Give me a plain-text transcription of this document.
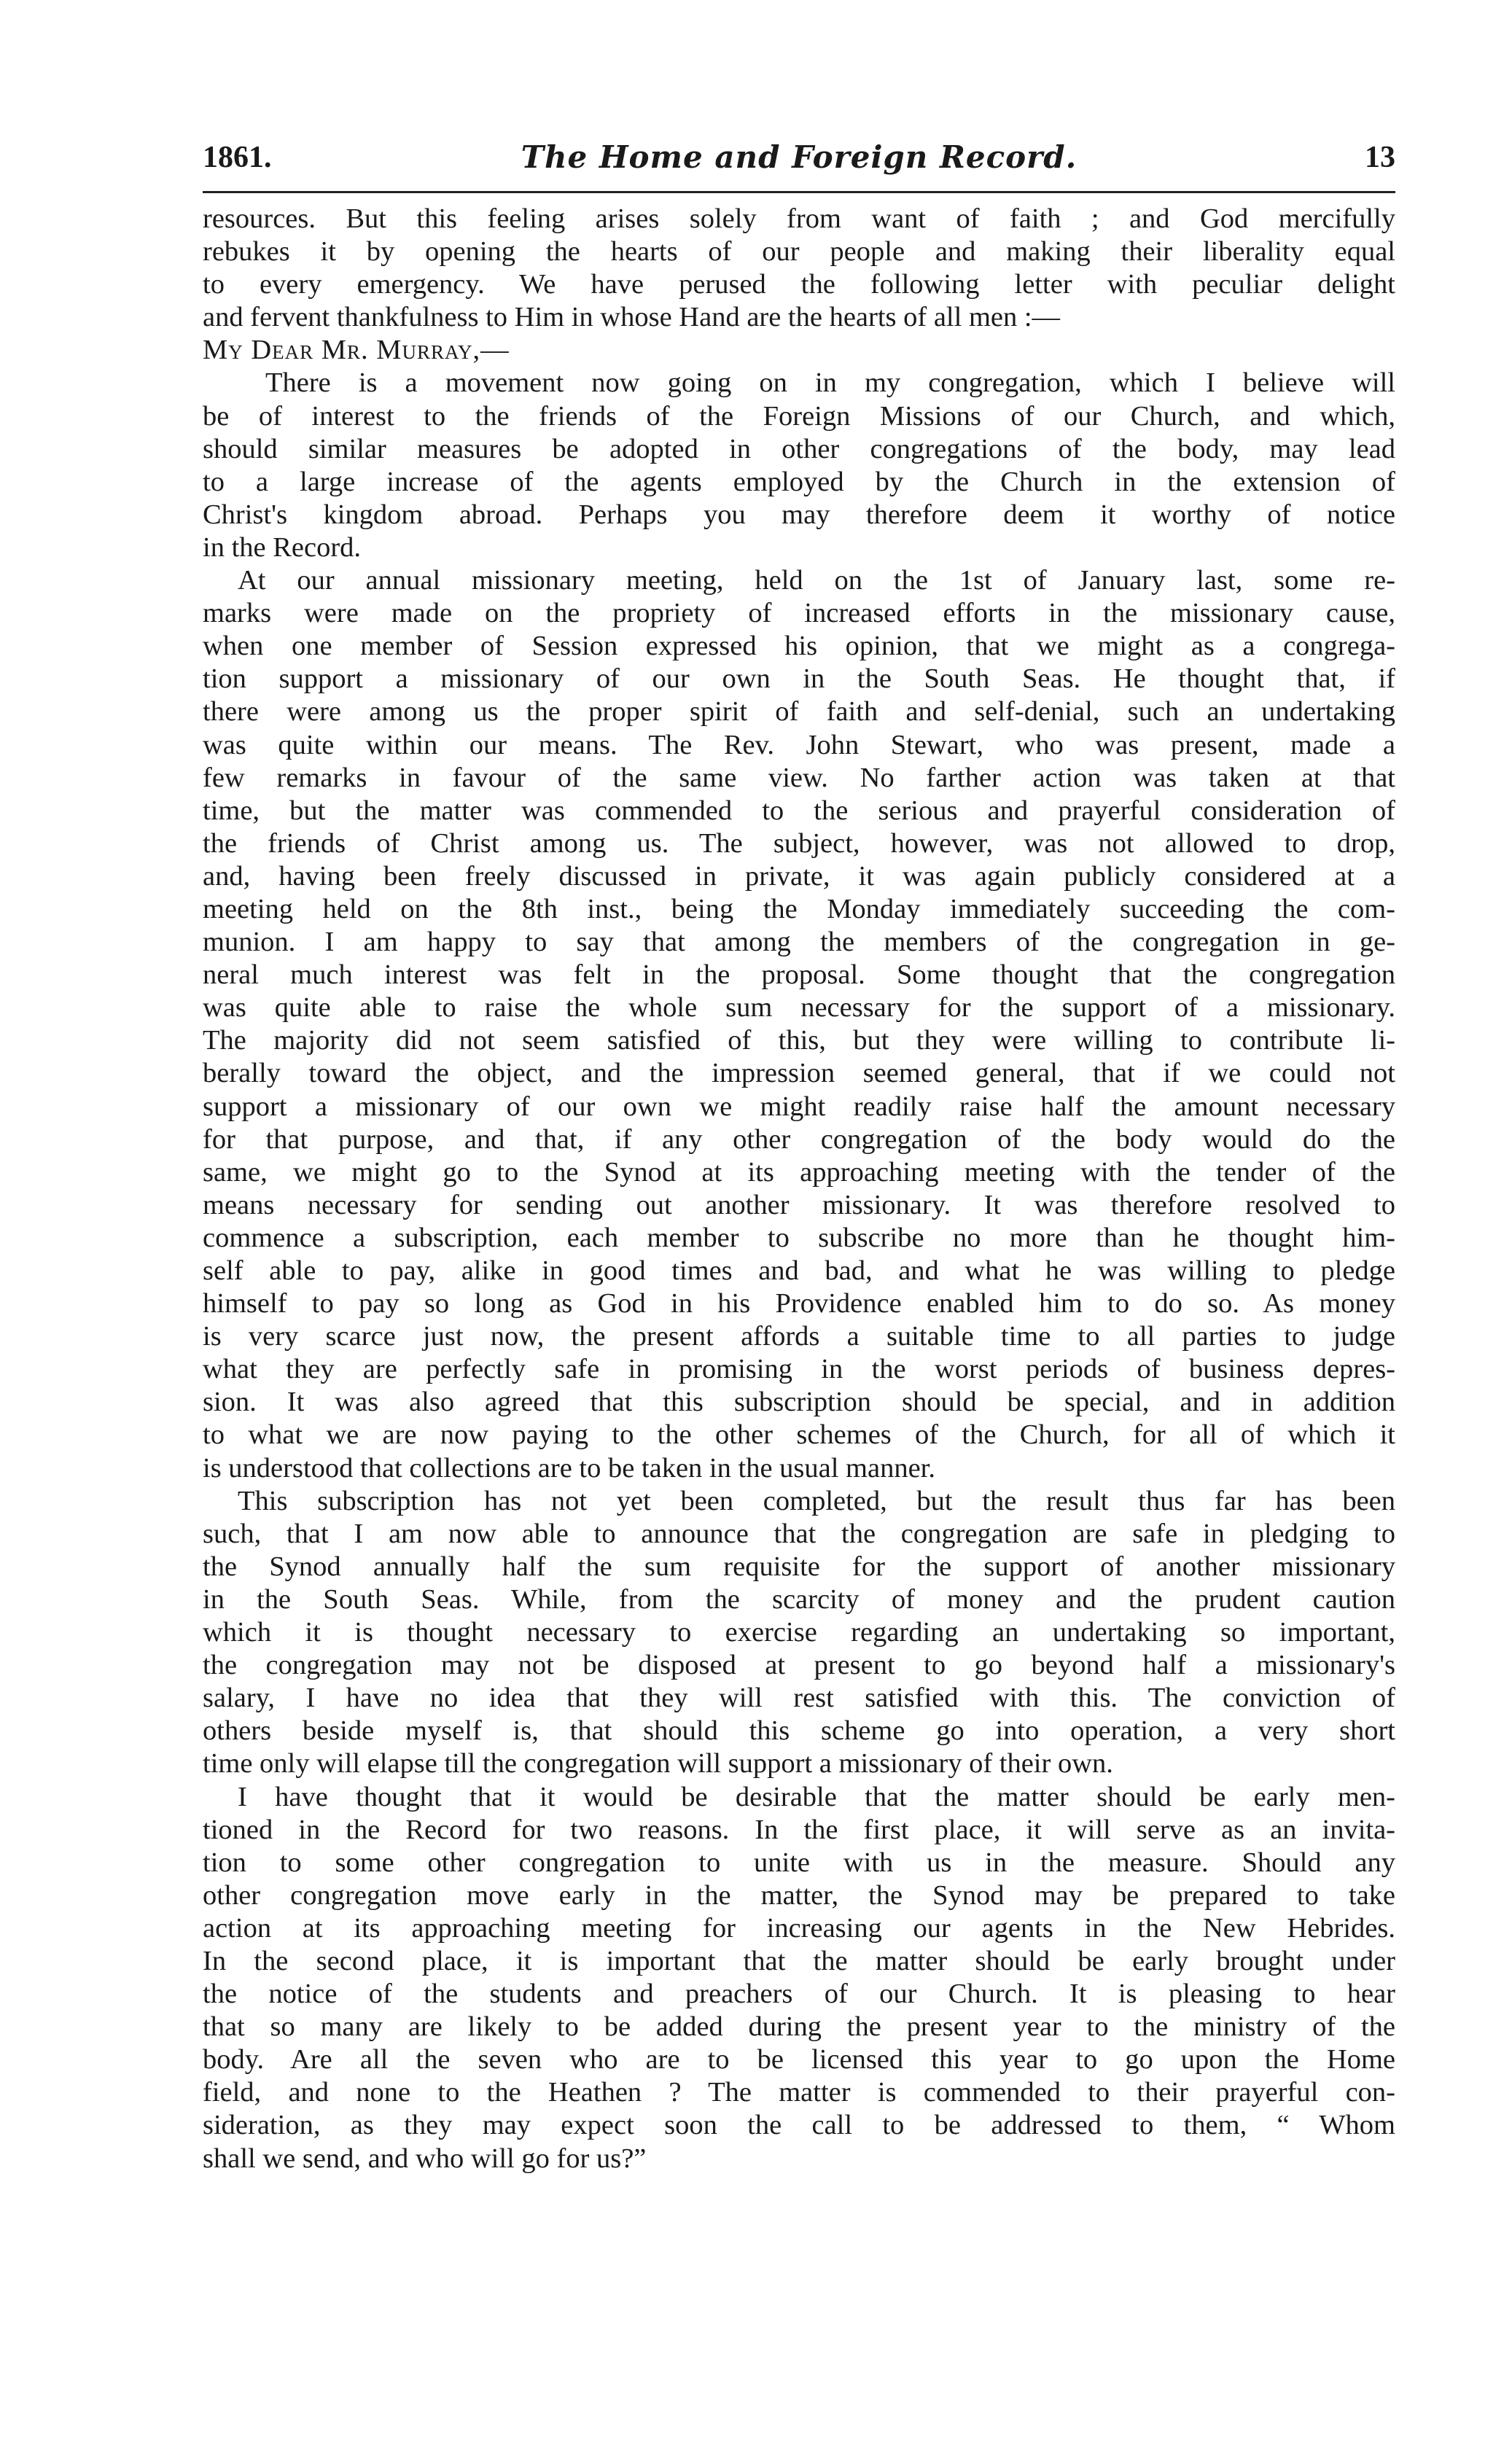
1861.	The Home and Foreign Record.	13
resources. But this feeling arises solely from want of faith ; and God mercifully
rebukes it by opening the hearts of our people and making their liberality equal
to every emergency. We have perused the following letter with peculiar delight
and fervent thankfulness to Him in whose Hand are the hearts of all men :—
My Dear Mr. Murray,—
There is a movement now going on in my congregation, which I believe will
be of interest to the friends of the Foreign Missions of our Church, and which,
should similar measures be adopted in other congregations of the body, may lead
to a large increase of the agents employed by the Church in the extension of
Christ's kingdom abroad. Perhaps you may therefore deem it worthy of notice
in the Record.
At our annual missionary meeting, held on the 1st of January last, some re-
marks were made on the propriety of increased efforts in the missionary cause,
when one member of Session expressed his opinion, that we might as a congrega-
tion support a missionary of our own in the South Seas. He thought that, if
there were among us the proper spirit of faith and self-denial, such an undertaking
was quite within our means. The Rev. John Stewart, who was present, made a
few remarks in favour of the same view. No farther action was taken at that
time, but the matter was commended to the serious and prayerful consideration of
the friends of Christ among us. The subject, however, was not allowed to drop,
and, having been freely discussed in private, it was again publicly considered at a
meeting held on the 8th inst., being the Monday immediately succeeding the com-
munion. I am happy to say that among the members of the congregation in ge-
neral much interest was felt in the proposal. Some thought that the congregation
was quite able to raise the whole sum necessary for the support of a missionary.
The majority did not seem satisfied of this, but they were willing to contribute li-
berally toward the object, and the impression seemed general, that if we could not
support a missionary of our own we might readily raise half the amount necessary
for that purpose, and that, if any other congregation of the body would do the
same, we might go to the Synod at its approaching meeting with the tender of the
means necessary for sending out another missionary. It was therefore resolved to
commence a subscription, each member to subscribe no more than he thought him-
self able to pay, alike in good times and bad, and what he was willing to pledge
himself to pay so long as God in his Providence enabled him to do so. As money
is very scarce just now, the present affords a suitable time to all parties to judge
what they are perfectly safe in promising in the worst periods of business depres-
sion. It was also agreed that this subscription should be special, and in addition
to what we are now paying to the other schemes of the Church, for all of which it
is understood that collections are to be taken in the usual manner.
This subscription has not yet been completed, but the result thus far has been
such, that I am now able to announce that the congregation are safe in pledging to
the Synod annually half the sum requisite for the support of another missionary
in the South Seas. While, from the scarcity of money and the prudent caution
which it is thought necessary to exercise regarding an undertaking so important,
the congregation may not be disposed at present to go beyond half a missionary's
salary, I have no idea that they will rest satisfied with this. The conviction of
others beside myself is, that should this scheme go into operation, a very short
time only will elapse till the congregation will support a missionary of their own.
I have thought that it would be desirable that the matter should be early men-
tioned in the Record for two reasons. In the first place, it will serve as an invita-
tion to some other congregation to unite with us in the measure. Should any
other congregation move early in the matter, the Synod may be prepared to take
action at its approaching meeting for increasing our agents in the New Hebrides.
In the second place, it is important that the matter should be early brought under
the notice of the students and preachers of our Church. It is pleasing to hear
that so many are likely to be added during the present year to the ministry of the
body. Are all the seven who are to be licensed this year to go upon the Home
field, and none to the Heathen ? The matter is commended to their prayerful con-
sideration, as they may expect soon the call to be addressed to them, “ Whom
shall we send, and who will go for us?”
